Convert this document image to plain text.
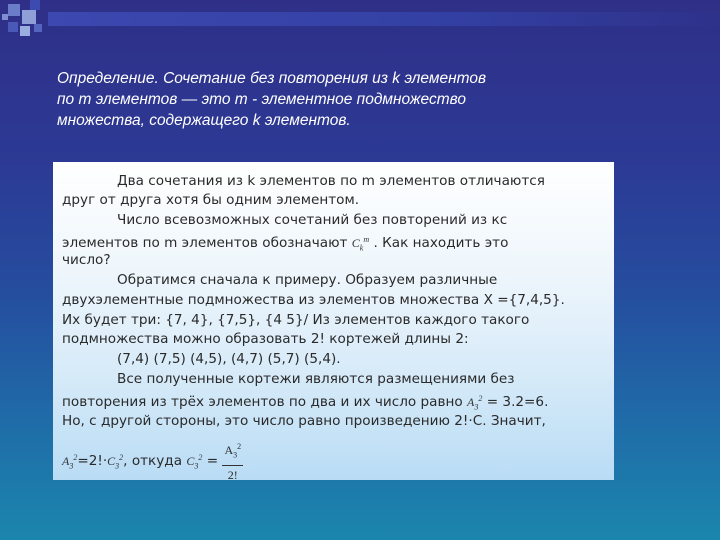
Определение. Сочетание без повторения из k элементов
по m элементов — это m - элементное подмножество
множества, содержащего k элементов.
Два сочетания из k элементов по m элементов отличаются
друг от друга хотя бы одним элементом.
Число всевозможных сочетаний без повторений из кс
элементов по m элементов обозначают $C_k^m$ . Как находить это
число?
Обратимся сначала к примеру. Образуем различные
двухэлементные подмножества из элементов множества X ={7,4,5}.
Их будет три: {7, 4}, {7,5}, {4 5}/ Из элементов каждого такого
подмножества можно образовать 2! кортежей длины 2:
(7,4) (7,5) (4,5), (4,7) (5,7) (5,4).
Все полученные кортежи являются размещениями без
повторения из трёх элементов по два и их число равно $A_3^2 = 3.2=6$.
Но, с другой стороны, это число равно произведению 2!·C. Значит,
$A_3^2=2!\cdot C_3^2$, откуда $C_3^2 = \frac{A_3^2}{2!}$
